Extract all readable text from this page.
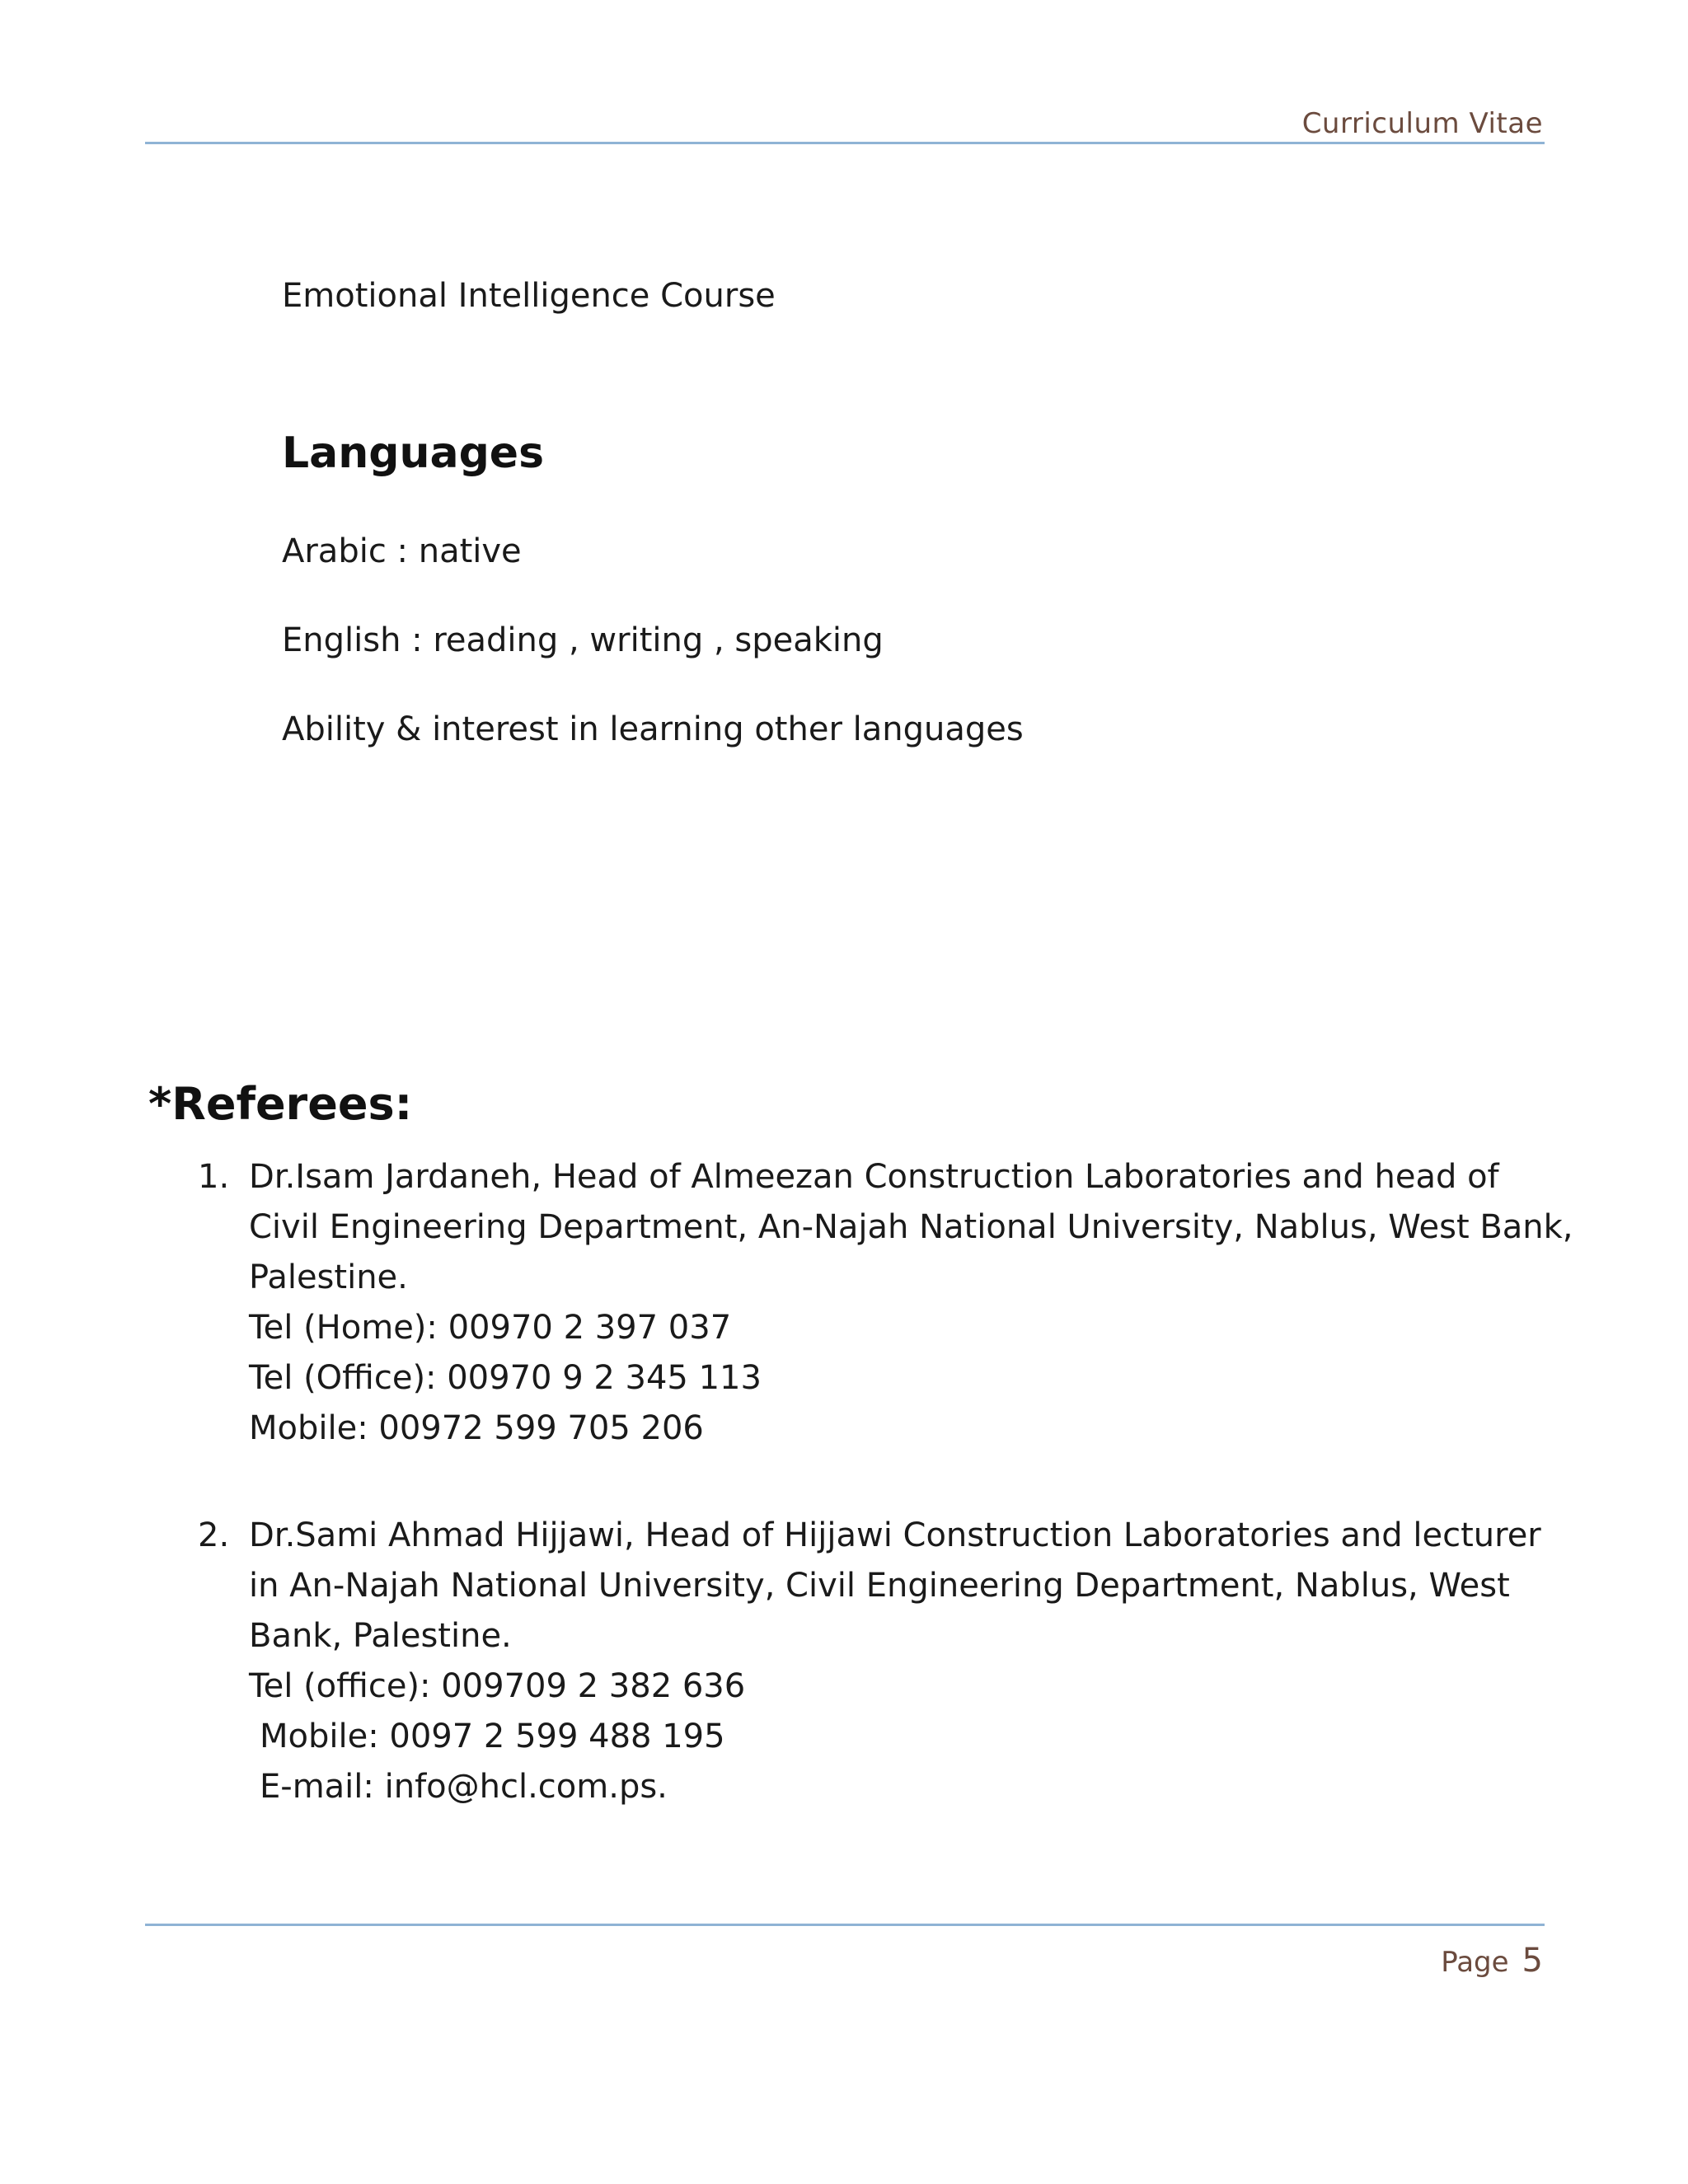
Curriculum Vitae
Emotional Intelligence Course
Languages
Arabic : native
English : reading , writing , speaking
Ability & interest in learning other languages
*Referees:
1. Dr.Isam Jardaneh, Head of Almeezan Construction Laboratories and head of
Civil Engineering Department, An-Najah National University, Nablus, West Bank,
Palestine.
Tel (Home): 00970 2 397 037
Tel (Office): 00970 9 2 345 113
Mobile: 00972 599 705 206
2. Dr.Sami Ahmad Hijjawi, Head of Hijjawi Construction Laboratories and lecturer
in An-Najah National University, Civil Engineering Department, Nablus, West
Bank, Palestine.
Tel (office): 009709 2 382 636
Mobile: 0097 2 599 488 195
E-mail: info@hcl.com.ps.
Page 5
